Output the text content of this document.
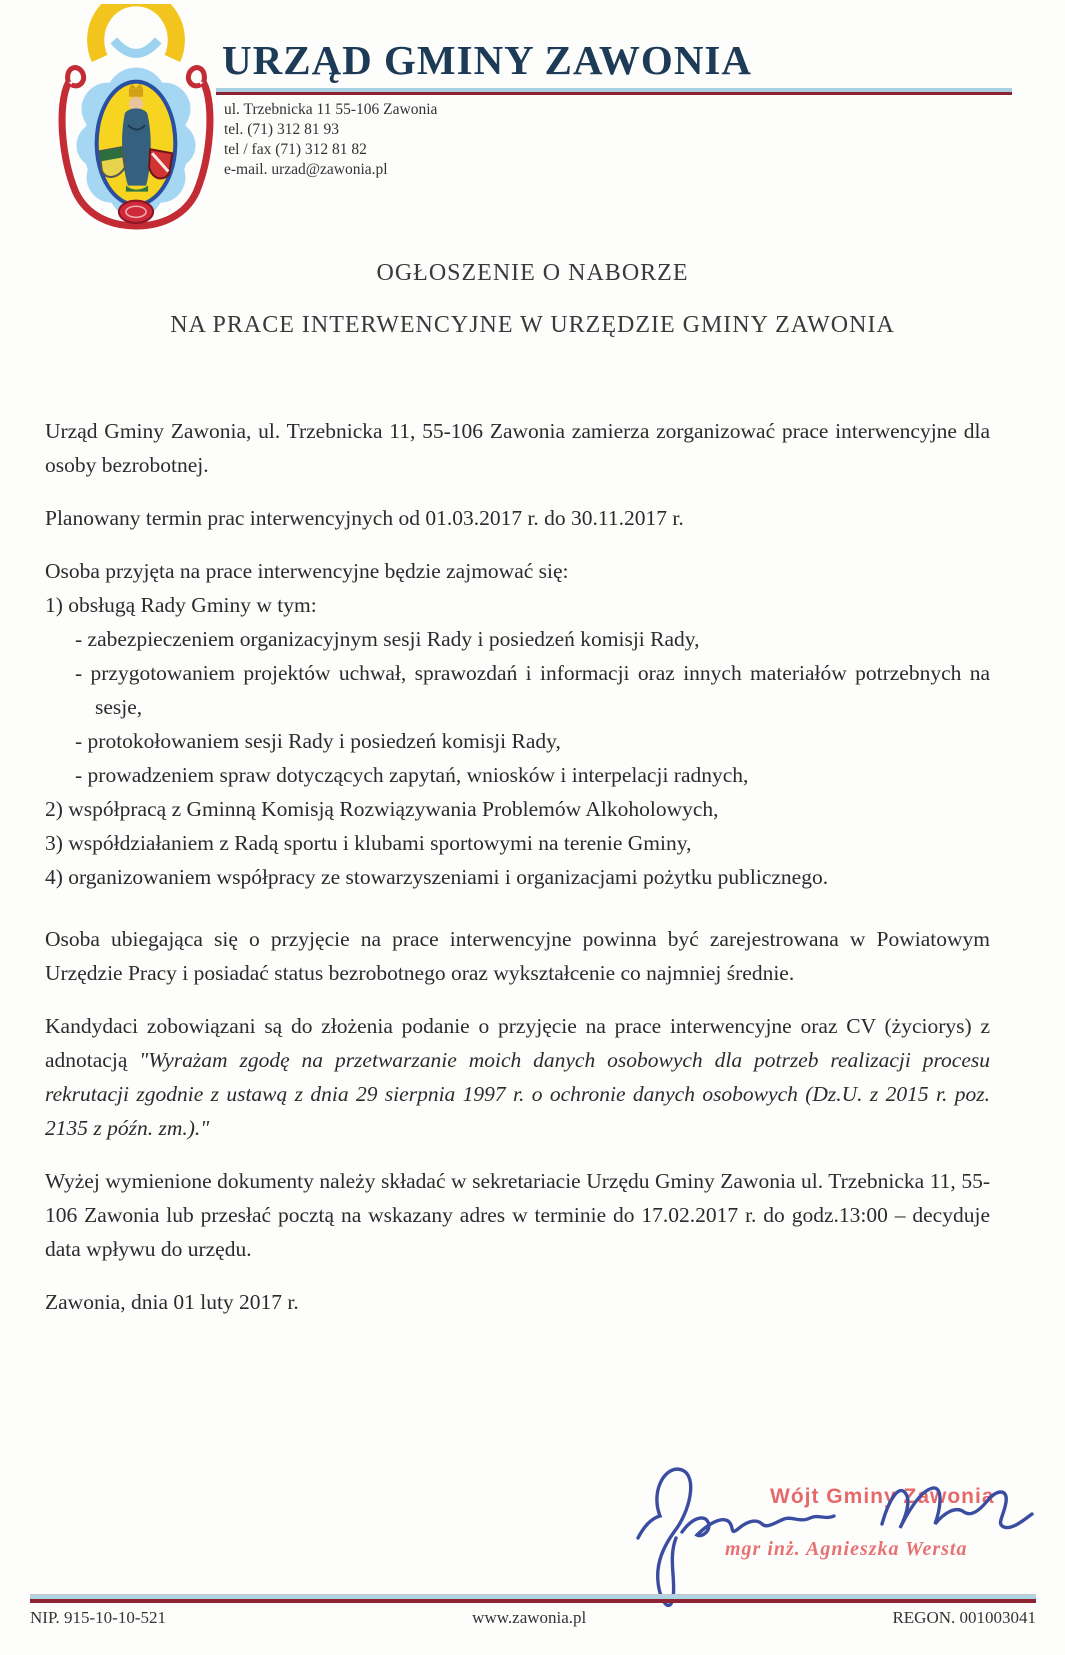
URZĄD GMINY ZAWONIA
ul. Trzebnicka 11 55-106 Zawonia
tel. (71) 312 81 93
tel / fax (71) 312 81 82
e-mail. urzad@zawonia.pl
OGŁOSZENIE O NABORZE
NA PRACE INTERWENCYJNE W URZĘDZIE GMINY ZAWONIA

Urząd Gminy Zawonia, ul. Trzebnicka 11, 55-106 Zawonia zamierza zorganizować prace interwencyjne dla osoby bezrobotnej.

Planowany termin prac interwencyjnych od 01.03.2017 r. do 30.11.2017 r.

Osoba przyjęta na prace interwencyjne będzie zajmować się:
1) obsługą Rady Gminy w tym:
- zabezpieczeniem organizacyjnym sesji Rady i posiedzeń komisji Rady,
- przygotowaniem projektów uchwał, sprawozdań i informacji oraz innych materiałów potrzebnych na sesje,
- protokołowaniem sesji Rady i posiedzeń komisji Rady,
- prowadzeniem spraw dotyczących zapytań, wniosków i interpelacji radnych,
2) współpracą z Gminną Komisją Rozwiązywania Problemów Alkoholowych,
3) współdziałaniem z Radą sportu i klubami sportowymi na terenie Gminy,
4) organizowaniem współpracy ze stowarzyszeniami i organizacjami pożytku publicznego.

Osoba ubiegająca się o przyjęcie na prace interwencyjne powinna być zarejestrowana w Powiatowym Urzędzie Pracy i posiadać status bezrobotnego oraz wykształcenie co najmniej średnie.

Kandydaci zobowiązani są do złożenia podanie o przyjęcie na prace interwencyjne oraz CV (życiorys) z adnotacją "Wyrażam zgodę na przetwarzanie moich danych osobowych dla potrzeb realizacji procesu rekrutacji zgodnie z ustawą z dnia 29 sierpnia 1997 r. o ochronie danych osobowych (Dz.U. z 2015 r. poz. 2135 z późn. zm.)."

Wyżej wymienione dokumenty należy składać w sekretariacie Urzędu Gminy Zawonia ul. Trzebnicka 11, 55-106 Zawonia lub przesłać pocztą na wskazany adres w terminie do 17.02.2017 r. do godz.13:00 – decyduje data wpływu do urzędu.

Zawonia, dnia 01 luty 2017 r.

Wójt Gminy Zawonia
mgr inż. Agnieszka Wersta
NIP. 915-10-10-521	www.zawonia.pl	REGON. 001003041
